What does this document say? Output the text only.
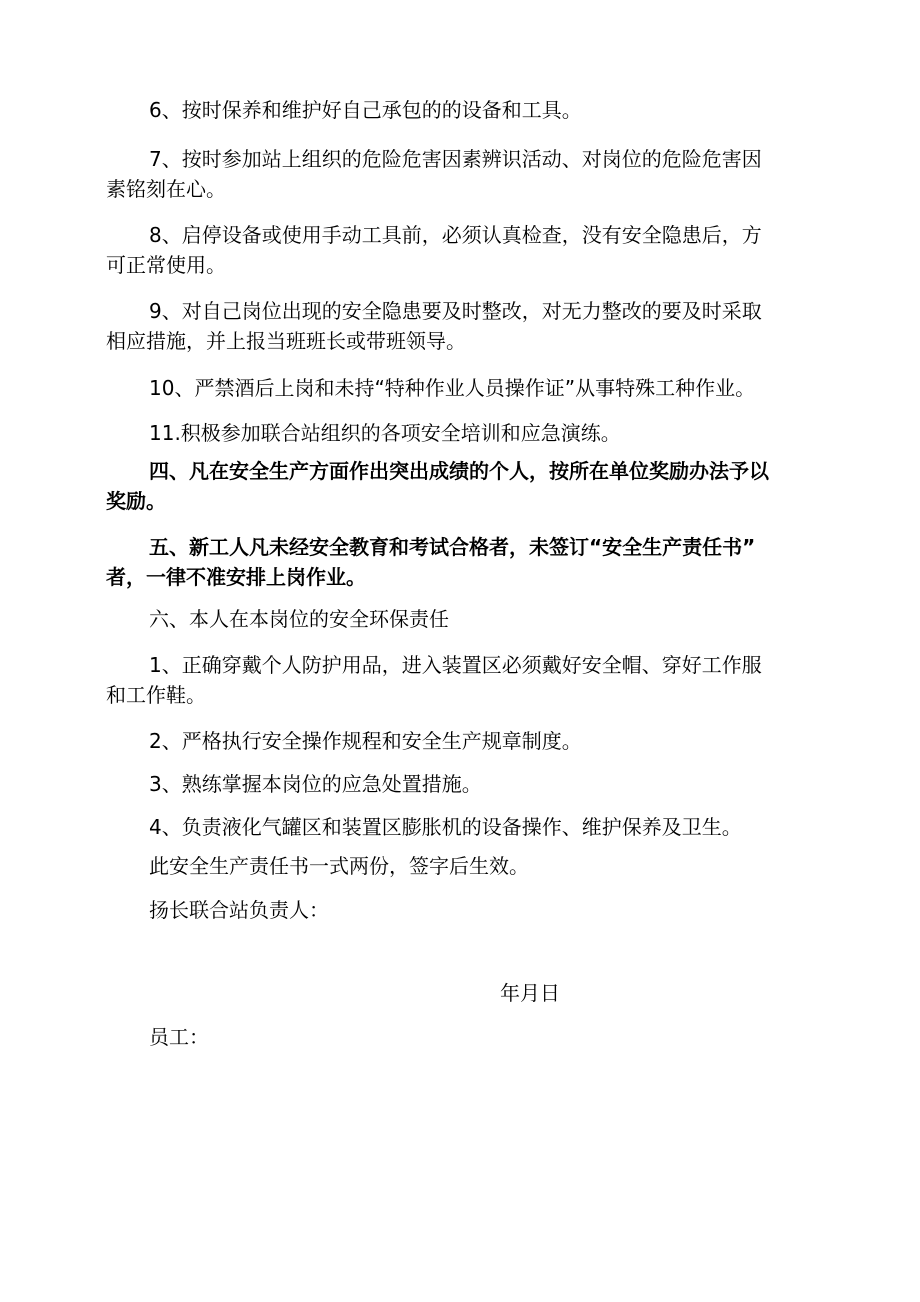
6、按时保养和维护好自己承包的的设备和工具。
7、按时参加站上组织的危险危害因素辨识活动、对岗位的危险危害因
素铭刻在心。
8、启停设备或使用手动工具前，必须认真检查，没有安全隐患后，方
可正常使用。
9、对自己岗位出现的安全隐患要及时整改，对无力整改的要及时采取
相应措施，并上报当班班长或带班领导。
10、严禁酒后上岗和未持“特种作业人员操作证”从事特殊工种作业。
11.积极参加联合站组织的各项安全培训和应急演练。
四、凡在安全生产方面作出突出成绩的个人，按所在单位奖励办法予以
奖励。
五、新工人凡未经安全教育和考试合格者，未签订“安全生产责任书”
者，一律不准安排上岗作业。
六、本人在本岗位的安全环保责任
1、正确穿戴个人防护用品，进入装置区必须戴好安全帽、穿好工作服
和工作鞋。
2、严格执行安全操作规程和安全生产规章制度。
3、熟练掌握本岗位的应急处置措施。
4、负责液化气罐区和装置区膨胀机的设备操作、维护保养及卫生。
此安全生产责任书一式两份，签字后生效。
扬长联合站负责人：
年月日
员工：
